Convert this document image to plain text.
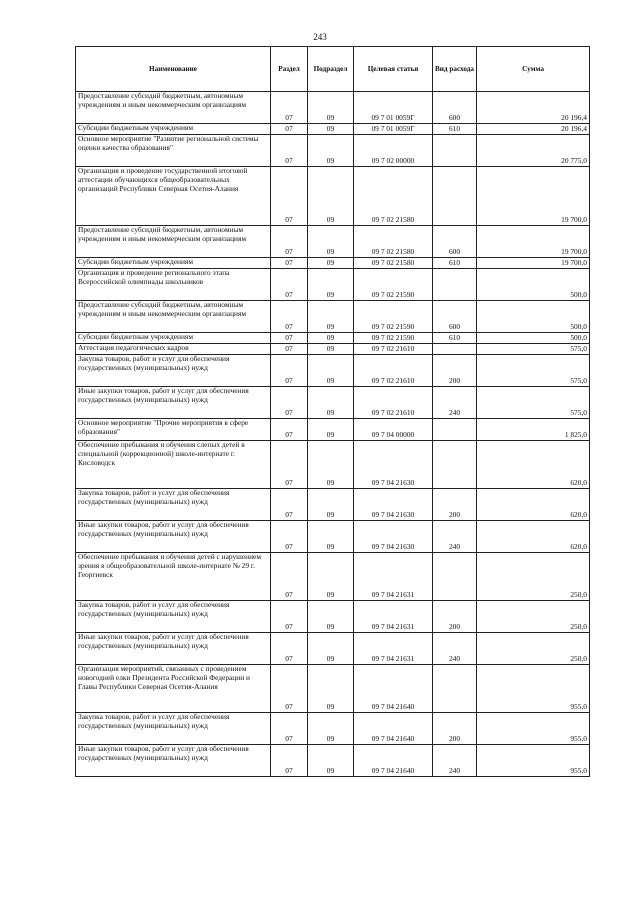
243
Наименование	Раздел	Подраздел	Целевая статья	Вид расхода	Сумма
Предоставление субсидий бюджетным, автономным учреждениям и иным некоммерческим организациям	07	09	09 7 01 0059Г	600	20 196,4
Субсидии бюджетным учреждениям	07	09	09 7 01 0059Г	610	20 196,4
Основное мероприятие "Развитие региональной системы оценки качества образования"	07	09	09 7 02 00000		20 775,0
Организация и проведение государственной итоговой аттестации обучающихся общеобразовательных организаций Республики Северная Осетия-Алания	07	09	09 7 02 21580		19 700,0
Предоставление субсидий бюджетным, автономным учреждениям и иным некоммерческим организациям	07	09	09 7 02 21580	600	19 700,0
Субсидии бюджетным учреждениям	07	09	09 7 02 21580	610	19 700,0
Организация и проведение регионального этапа Всероссийской олимпиады школьников	07	09	09 7 02 21590		500,0
Предоставление субсидий бюджетным, автономным учреждениям и иным некоммерческим организациям	07	09	09 7 02 21590	600	500,0
Субсидии бюджетным учреждениям	07	09	09 7 02 21590	610	500,0
Аттестация педагогических кадров	07	09	09 7 02 21610		575,0
Закупка товаров, работ и услуг для обеспечения государственных (муниципальных) нужд	07	09	09 7 02 21610	200	575,0
Иные закупки товаров, работ и услуг для обеспечения государственных (муниципальных) нужд	07	09	09 7 02 21610	240	575,0
Основное мероприятие "Прочие мероприятия в сфере образования"	07	09	09 7 04 00000		1 825,0
Обеспечение пребывания и обучения слепых детей в специальной (коррекционной) школе-интернате г. Кисловодск	07	09	09 7 04 21630		620,0
Закупка товаров, работ и услуг для обеспечения государственных (муниципальных) нужд	07	09	09 7 04 21630	200	620,0
Иные закупки товаров, работ и услуг для обеспечения государственных (муниципальных) нужд	07	09	09 7 04 21630	240	620,0
Обеспечение пребывания и обучения детей с нарушением зрения в общеобразовательной школе-интернате № 29 г. Георгиевск	07	09	09 7 04 21631		250,0
Закупка товаров, работ и услуг для обеспечения государственных (муниципальных) нужд	07	09	09 7 04 21631	200	250,0
Иные закупки товаров, работ и услуг для обеспечения государственных (муниципальных) нужд	07	09	09 7 04 21631	240	250,0
Организация мероприятий, связанных с проведением новогодней елки Президента Российской Федерации и Главы Республики Северная Осетия-Алания	07	09	09 7 04 21640		955,0
Закупка товаров, работ и услуг для обеспечения государственных (муниципальных) нужд	07	09	09 7 04 21640	200	955,0
Иные закупки товаров, работ и услуг для обеспечения государственных (муниципальных) нужд	07	09	09 7 04 21640	240	955,0
